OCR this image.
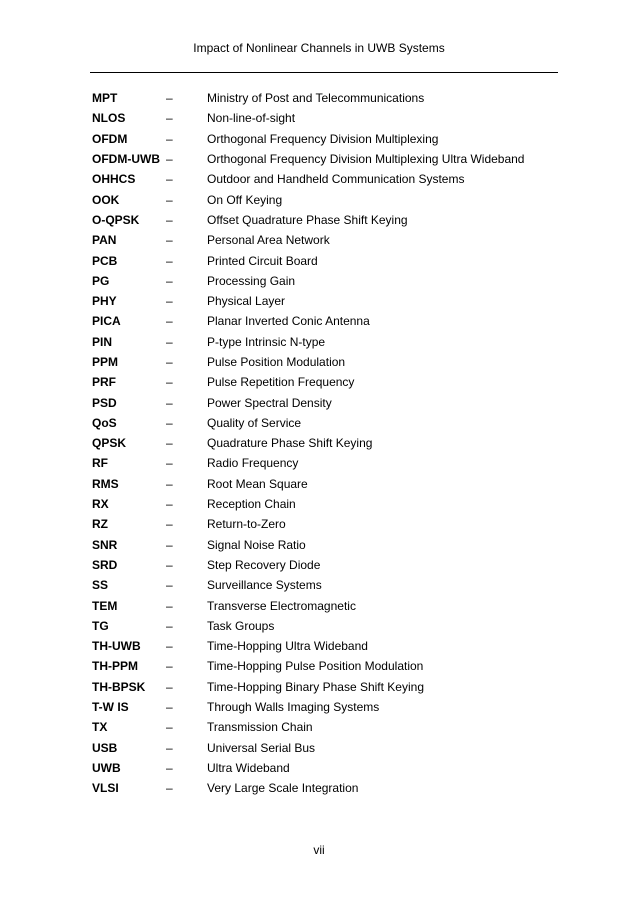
Impact of Nonlinear Channels in UWB Systems
MPT	–	Ministry of Post and Telecommunications
NLOS	–	Non-line-of-sight
OFDM	–	Orthogonal Frequency Division Multiplexing
OFDM-UWB –	Orthogonal Frequency Division Multiplexing Ultra Wideband
OHHCS	–	Outdoor and Handheld Communication Systems
OOK	–	On Off Keying
O-QPSK	–	Offset Quadrature Phase Shift Keying
PAN	–	Personal Area Network
PCB	–	Printed Circuit Board
PG	–	Processing Gain
PHY	–	Physical Layer
PICA	–	Planar Inverted Conic Antenna
PIN	–	P-type Intrinsic N-type
PPM	–	Pulse Position Modulation
PRF	–	Pulse Repetition Frequency
PSD	–	Power Spectral Density
QoS	–	Quality of Service
QPSK	–	Quadrature Phase Shift Keying
RF	–	Radio Frequency
RMS	–	Root Mean Square
RX	–	Reception Chain
RZ	–	Return-to-Zero
SNR	–	Signal Noise Ratio
SRD	–	Step Recovery Diode
SS	–	Surveillance Systems
TEM	–	Transverse Electromagnetic
TG	–	Task Groups
TH-UWB	–	Time-Hopping Ultra Wideband
TH-PPM	–	Time-Hopping Pulse Position Modulation
TH-BPSK	–	Time-Hopping Binary Phase Shift Keying
T-W IS	–	Through Walls Imaging Systems
TX	–	Transmission Chain
USB	–	Universal Serial Bus
UWB	–	Ultra Wideband
VLSI	–	Very Large Scale Integration
vii
